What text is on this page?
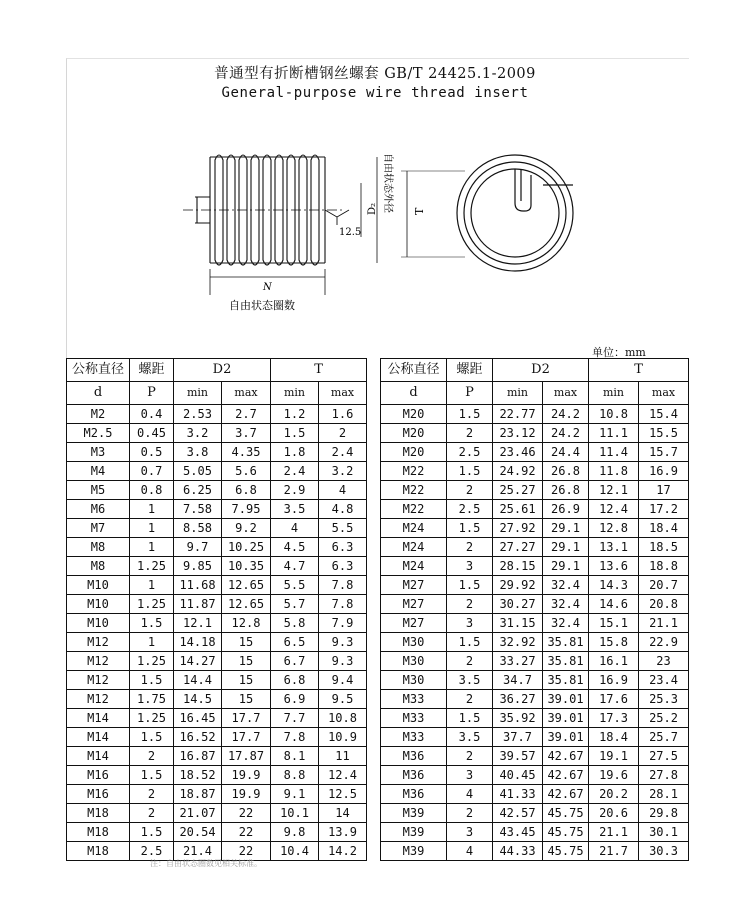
普通型有折断槽钢丝螺套 GB/T 24425.1-2009
General-purpose wire thread insert
12.5
D₂ 自由状态外径
N
自由状态圈数
T
单位：mm
公称直径	螺距	D2		T	
d	P	min	max	min	max
M2	0.4	2.53	2.7	1.2	1.6
M2.5	0.45	3.2	3.7	1.5	2
M3	0.5	3.8	4.35	1.8	2.4
M4	0.7	5.05	5.6	2.4	3.2
M5	0.8	6.25	6.8	2.9	4
M6	1	7.58	7.95	3.5	4.8
M7	1	8.58	9.2	4	5.5
M8	1	9.7	10.25	4.5	6.3
M8	1.25	9.85	10.35	4.7	6.3
M10	1	11.68	12.65	5.5	7.8
M10	1.25	11.87	12.65	5.7	7.8
M10	1.5	12.1	12.8	5.8	7.9
M12	1	14.18	15	6.5	9.3
M12	1.25	14.27	15	6.7	9.3
M12	1.5	14.4	15	6.8	9.4
M12	1.75	14.5	15	6.9	9.5
M14	1.25	16.45	17.7	7.7	10.8
M14	1.5	16.52	17.7	7.8	10.9
M14	2	16.87	17.87	8.1	11
M16	1.5	18.52	19.9	8.8	12.4
M16	2	18.87	19.9	9.1	12.5
M18	2	21.07	22	10.1	14
M18	1.5	20.54	22	9.8	13.9
M18	2.5	21.4	22	10.4	14.2
公称直径	螺距	D2		T	
d	P	min	max	min	max
M20	1.5	22.77	24.2	10.8	15.4
M20	2	23.12	24.2	11.1	15.5
M20	2.5	23.46	24.4	11.4	15.7
M22	1.5	24.92	26.8	11.8	16.9
M22	2	25.27	26.8	12.1	17
M22	2.5	25.61	26.9	12.4	17.2
M24	1.5	27.92	29.1	12.8	18.4
M24	2	27.27	29.1	13.1	18.5
M24	3	28.15	29.1	13.6	18.8
M27	1.5	29.92	32.4	14.3	20.7
M27	2	30.27	32.4	14.6	20.8
M27	3	31.15	32.4	15.1	21.1
M30	1.5	32.92	35.81	15.8	22.9
M30	2	33.27	35.81	16.1	23
M30	3.5	34.7	35.81	16.9	23.4
M33	2	36.27	39.01	17.6	25.3
M33	1.5	35.92	39.01	17.3	25.2
M33	3.5	37.7	39.01	18.4	25.7
M36	2	39.57	42.67	19.1	27.5
M36	3	40.45	42.67	19.6	27.8
M36	4	41.33	42.67	20.2	28.1
M39	2	42.57	45.75	20.6	29.8
M39	3	43.45	45.75	21.1	30.1
M39	4	44.33	45.75	21.7	30.3
注：自由状态圈数见相关标准。
